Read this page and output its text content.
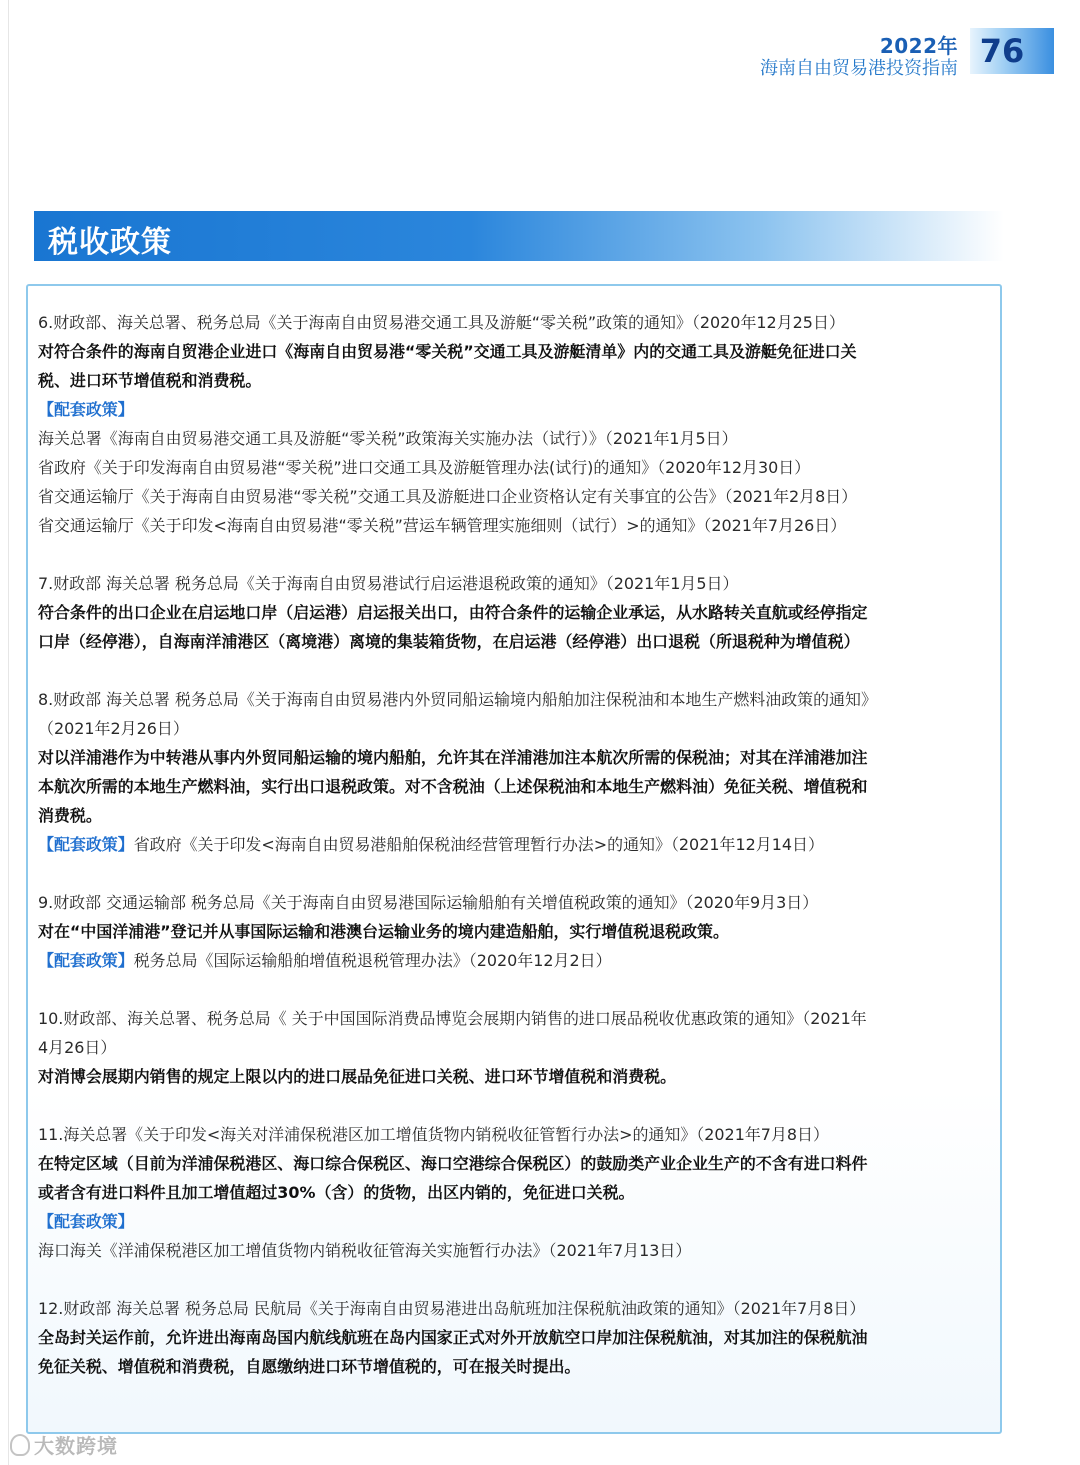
2022年
海南自由贸易港投资指南 76
税收政策
6.财政部、海关总署、税务总局《关于海南自由贸易港交通工具及游艇“零关税”政策的通知》（2020年12月25日）
对符合条件的海南自贸港企业进口《海南自由贸易港“零关税”交通工具及游艇清单》内的交通工具及游艇免征进口关
税、进口环节增值税和消费税。
【配套政策】
海关总署《海南自由贸易港交通工具及游艇“零关税”政策海关实施办法（试行）》（2021年1月5日）
省政府《关于印发海南自由贸易港“零关税”进口交通工具及游艇管理办法(试行)的通知》（2020年12月30日）
省交通运输厅《关于海南自由贸易港“零关税”交通工具及游艇进口企业资格认定有关事宜的公告》（2021年2月8日）
省交通运输厅《关于印发<海南自由贸易港“零关税”营运车辆管理实施细则（试行）>的通知》（2021年7月26日）
7.财政部 海关总署 税务总局《关于海南自由贸易港试行启运港退税政策的通知》（2021年1月5日）
符合条件的出口企业在启运地口岸（启运港）启运报关出口，由符合条件的运输企业承运，从水路转关直航或经停指定
口岸（经停港），自海南洋浦港区（离境港）离境的集装箱货物，在启运港（经停港）出口退税（所退税种为增值税）
8.财政部 海关总署 税务总局《关于海南自由贸易港内外贸同船运输境内船舶加注保税油和本地生产燃料油政策的通知》
（2021年2月26日）
对以洋浦港作为中转港从事内外贸同船运输的境内船舶，允许其在洋浦港加注本航次所需的保税油；对其在洋浦港加注
本航次所需的本地生产燃料油，实行出口退税政策。对不含税油（上述保税油和本地生产燃料油）免征关税、增值税和
消费税。
【配套政策】省政府《关于印发<海南自由贸易港船舶保税油经营管理暂行办法>的通知》（2021年12月14日）
9.财政部 交通运输部 税务总局《关于海南自由贸易港国际运输船舶有关增值税政策的通知》（2020年9月3日）
对在“中国洋浦港”登记并从事国际运输和港澳台运输业务的境内建造船舶，实行增值税退税政策。
【配套政策】税务总局《国际运输船舶增值税退税管理办法》（2020年12月2日）
10.财政部、海关总署、税务总局《 关于中国国际消费品博览会展期内销售的进口展品税收优惠政策的通知》（2021年
4月26日）
对消博会展期内销售的规定上限以内的进口展品免征进口关税、进口环节增值税和消费税。
11.海关总署《关于印发<海关对洋浦保税港区加工增值货物内销税收征管暂行办法>的通知》（2021年7月8日）
在特定区域（目前为洋浦保税港区、海口综合保税区、海口空港综合保税区）的鼓励类产业企业生产的不含有进口料件
或者含有进口料件且加工增值超过30%（含）的货物，出区内销的，免征进口关税。
【配套政策】
海口海关《洋浦保税港区加工增值货物内销税收征管海关实施暂行办法》（2021年7月13日）
12.财政部 海关总署 税务总局 民航局《关于海南自由贸易港进出岛航班加注保税航油政策的通知》（2021年7月8日）
全岛封关运作前，允许进出海南岛国内航线航班在岛内国家正式对外开放航空口岸加注保税航油，对其加注的保税航油
免征关税、增值税和消费税，自愿缴纳进口环节增值税的，可在报关时提出。
大数跨境
